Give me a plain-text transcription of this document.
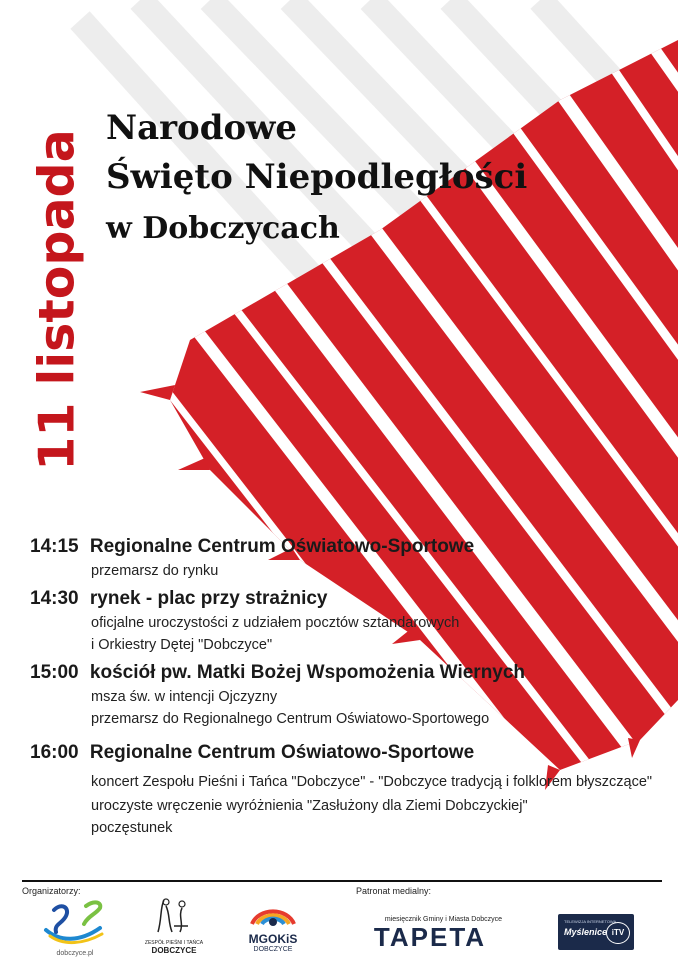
11 listopada
Narodowe
Święto Niepodległości
w Dobczycach
14:15 Regionalne Centrum Oświatowo-Sportowe
przemarsz do rynku
14:30 rynek - plac przy strażnicy
oficjalne uroczystości z udziałem pocztów sztandarowych
i Orkiestry Dętej "Dobczyce"
15:00 kościół pw. Matki Bożej Wspomożenia Wiernych
msza św. w intencji Ojczyzny
przemarsz do Regionalnego Centrum Oświatowo-Sportowego
16:00 Regionalne Centrum Oświatowo-Sportowe
koncert Zespołu Pieśni i Tańca "Dobczyce" - "Dobczyce tradycją i folklorem błyszczące"
uroczyste wręczenie wyróżnienia "Zasłużony dla Ziemi Dobczyckiej"
poczęstunek
Organizatorzy:	Patronat medialny:
dobczyce.pl
ZESPÓŁ PIEŚNI I TAŃCA
DOBCZYCE
MGOKiS
DOBCZYCE
miesięcznik Gminy i Miasta Dobczyce
TAPETA
TELEWIZJA INTERNETOWA
Myślenice iTV
